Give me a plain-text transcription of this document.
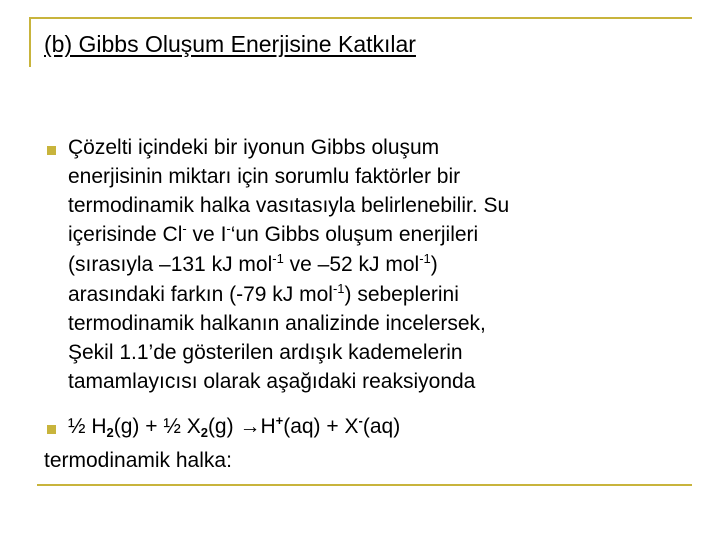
(b) Gibbs Oluşum Enerjisine Katkılar
Çözelti içindeki bir iyonun Gibbs oluşum
enerjisinin miktarı için sorumlu faktörler bir
termodinamik halka vasıtasıyla belirlenebilir. Su
içerisinde Cl- ve I-‘un Gibbs oluşum enerjileri
(sırasıyla –131 kJ mol$^{-1}$ ve –52 kJ mol$^{-1}$)
arasındaki farkın (-79 kJ mol$^{-1}$) sebeplerini
termodinamik halkanın analizinde incelersek,
Şekil 1.1’de gösterilen ardışık kademelerin
tamamlayıcısı olarak aşağıdaki reaksiyonda
½ $H_2(g)$ + ½ $X_2(g) \to H^+(aq) + X^-(aq)$
termodinamik halka:
